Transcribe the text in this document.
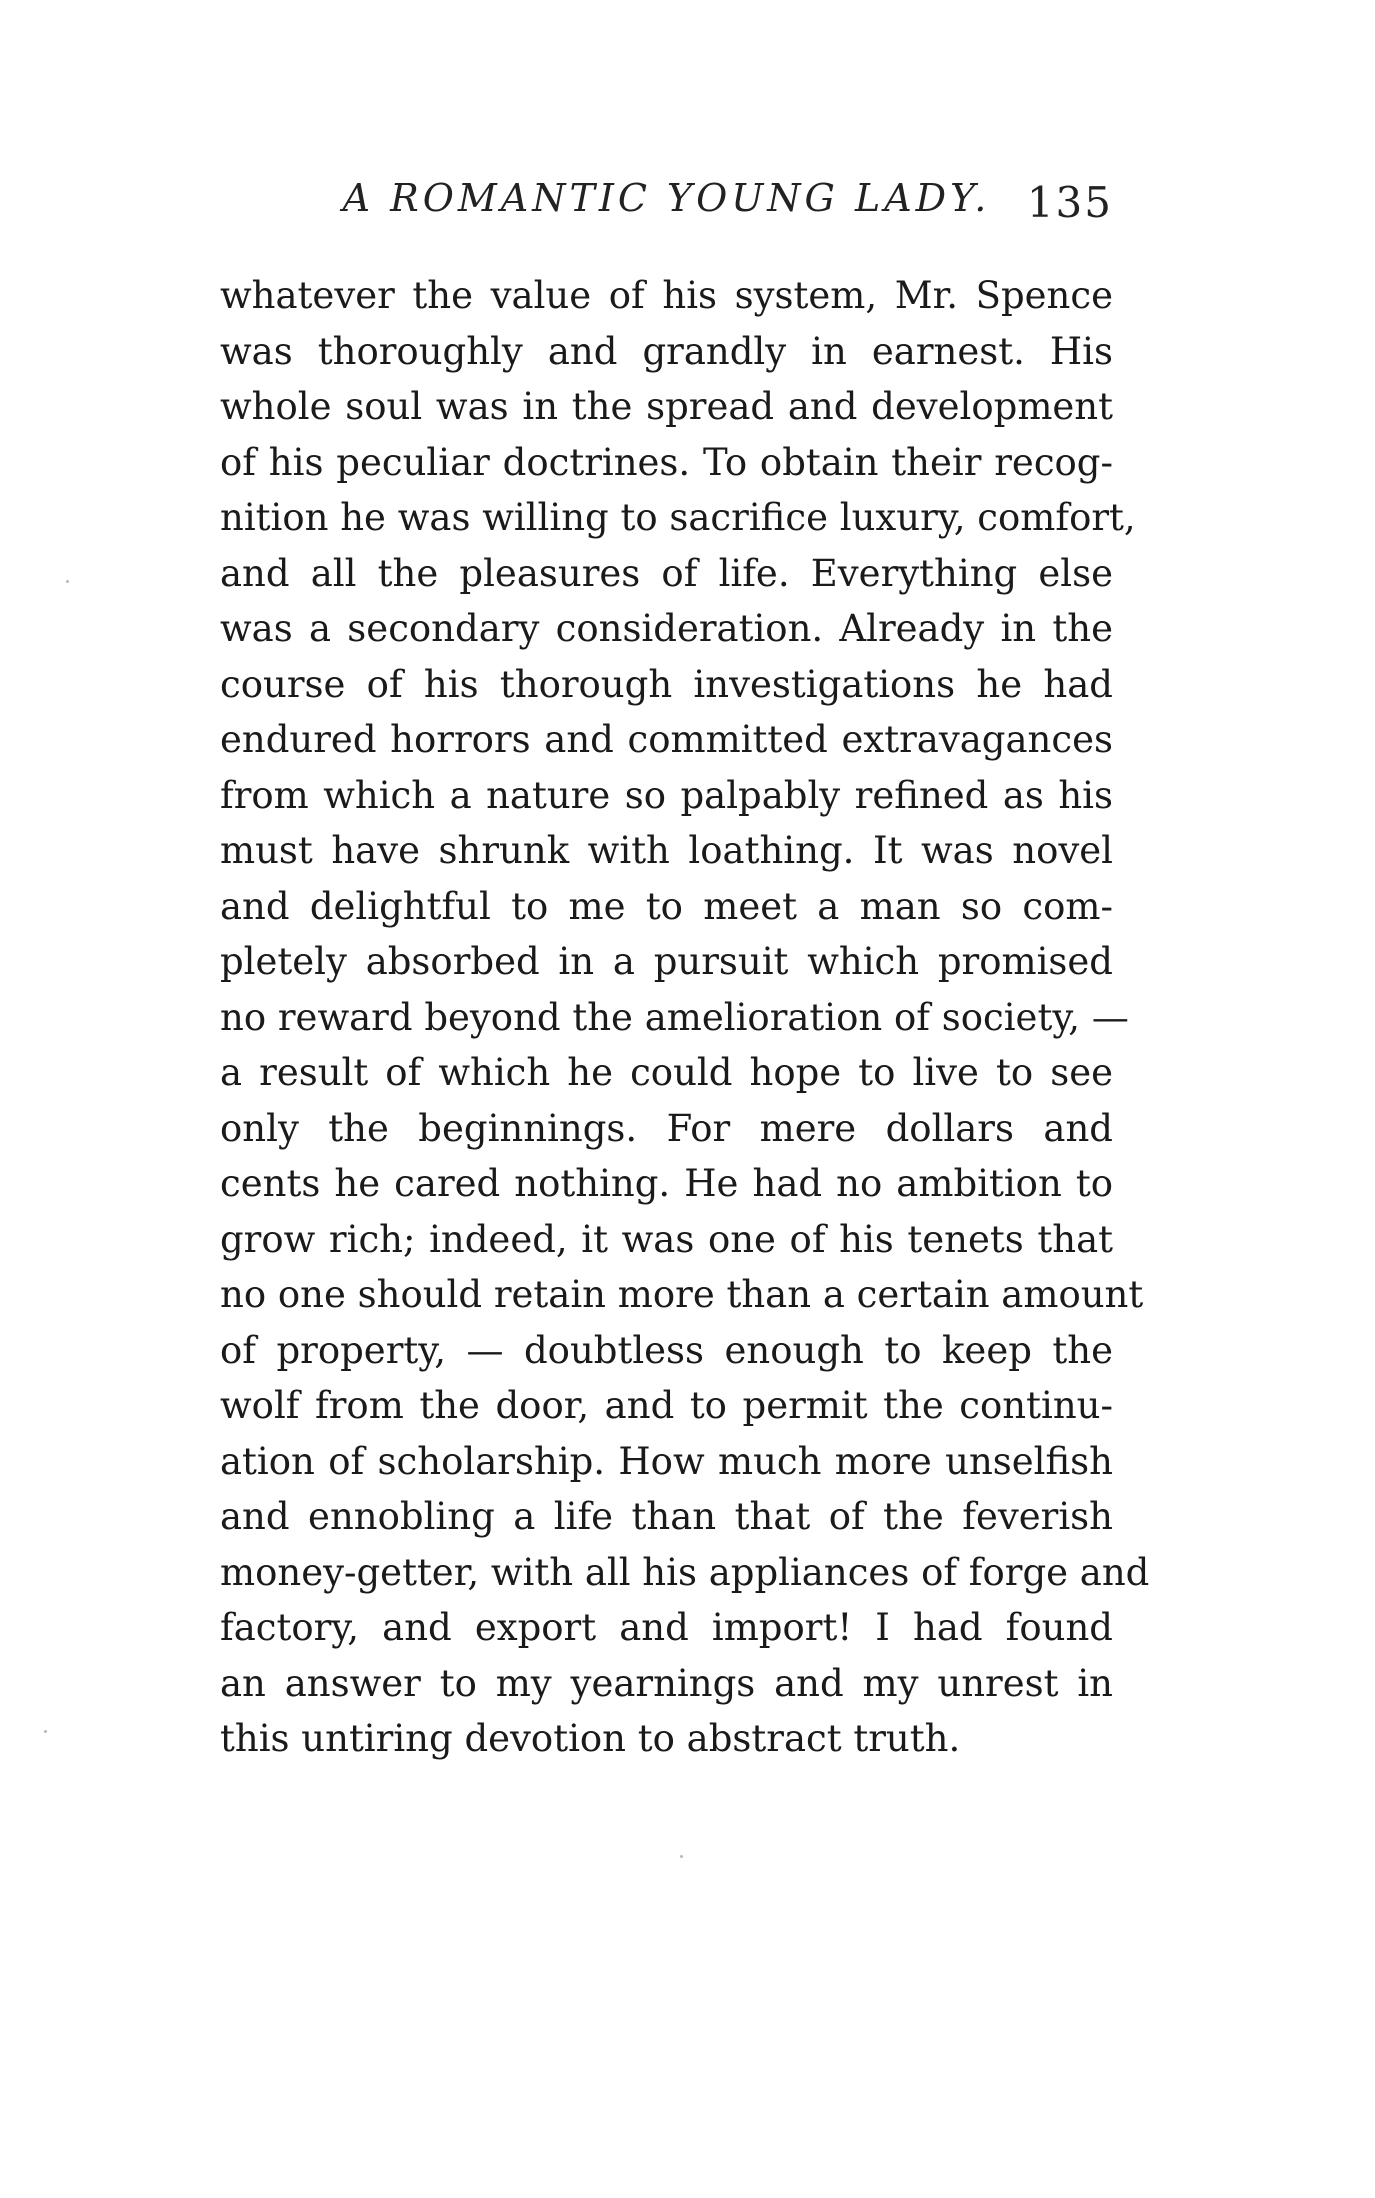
A ROMANTIC YOUNG LADY. 135
whatever the value of his system, Mr. Spence
was thoroughly and grandly in earnest. His
whole soul was in the spread and development
of his peculiar doctrines. To obtain their recog-
nition he was willing to sacrifice luxury, comfort,
and all the pleasures of life. Everything else
was a secondary consideration. Already in the
course of his thorough investigations he had
endured horrors and committed extravagances
from which a nature so palpably refined as his
must have shrunk with loathing. It was novel
and delightful to me to meet a man so com-
pletely absorbed in a pursuit which promised
no reward beyond the amelioration of society, —
a result of which he could hope to live to see
only the beginnings. For mere dollars and
cents he cared nothing. He had no ambition to
grow rich; indeed, it was one of his tenets that
no one should retain more than a certain amount
of property, — doubtless enough to keep the
wolf from the door, and to permit the continu-
ation of scholarship. How much more unselfish
and ennobling a life than that of the feverish
money-getter, with all his appliances of forge and
factory, and export and import! I had found
an answer to my yearnings and my unrest in
this untiring devotion to abstract truth.
